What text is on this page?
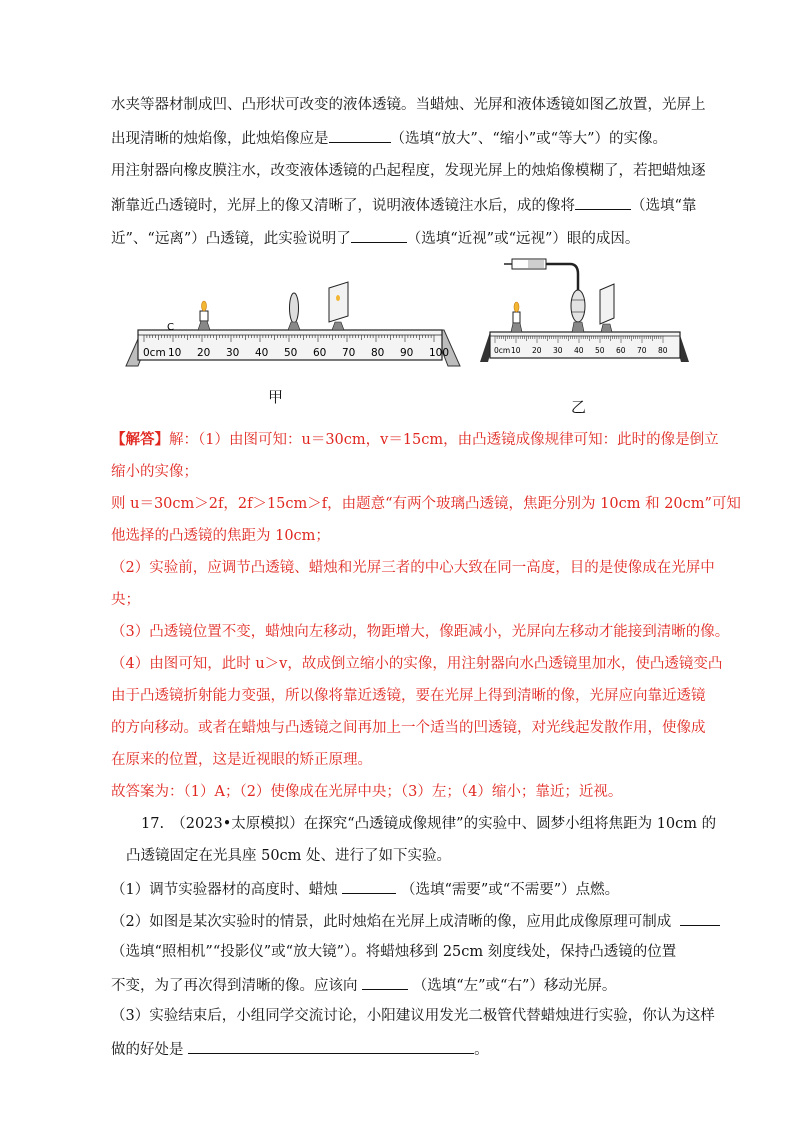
水夹等器材制成凹、凸形状可改变的液体透镜。当蜡烛、光屏和液体透镜如图乙放置，光屏上
出现清晰的烛焰像，此烛焰像应是	（选填“放大”、“缩小”或“等大”）的实像。
用注射器向橡皮膜注水，改变液体透镜的凸起程度，发现光屏上的烛焰像模糊了，若把蜡烛逐
渐靠近凸透镜时，光屏上的像又清晰了，说明液体透镜注水后，成的像将	（选填“靠
近”、“远离”）凸透镜，此实验说明了	（选填“近视”或“远视”）眼的成因。
0cm 10 20 30 40 50 60 70 80 90 100
C
甲
0cm 10 20 30 40 50 60 70 80
乙
【解答】解：（1）由图可知：u＝30cm，v＝15cm，由凸透镜成像规律可知：此时的像是倒立
缩小的实像；
则 u＝30cm＞2f，2f＞15cm＞f，由题意“有两个玻璃凸透镜，焦距分别为 10cm 和 20cm”可知
他选择的凸透镜的焦距为 10cm；
（2）实验前，应调节凸透镜、蜡烛和光屏三者的中心大致在同一高度，目的是使像成在光屏中
央；
（3）凸透镜位置不变，蜡烛向左移动，物距增大，像距减小，光屏向左移动才能接到清晰的像。
（4）由图可知，此时 u＞v，故成倒立缩小的实像，用注射器向水凸透镜里加水，使凸透镜变凸
由于凸透镜折射能力变强，所以像将靠近透镜，要在光屏上得到清晰的像，光屏应向靠近透镜
的方向移动。或者在蜡烛与凸透镜之间再加上一个适当的凹透镜，对光线起发散作用，使像成
在原来的位置，这是近视眼的矫正原理。
故答案为：（1）A；（2）使像成在光屏中央；（3）左；（4）缩小；靠近；近视。
17.　（2023•太原模拟）在探究“凸透镜成像规律”的实验中、圆梦小组将焦距为 10cm 的
凸透镜固定在光具座 50cm 处、进行了如下实验。
（1）调节实验器材的高度时、蜡烛	（选填“需要”或“不需要”）点燃。
（2）如图是某次实验时的情景，此时烛焰在光屏上成清晰的像，应用此成像原理可制成
（选填“照相机”“投影仪”或“放大镜”）。将蜡烛移到 25cm 刻度线处，保持凸透镜的位置
不变，为了再次得到清晰的像。应该向	（选填“左”或“右”）移动光屏。
（3）实验结束后，小组同学交流讨论，小阳建议用发光二极管代替蜡烛进行实验，你认为这样
做的好处是	。
